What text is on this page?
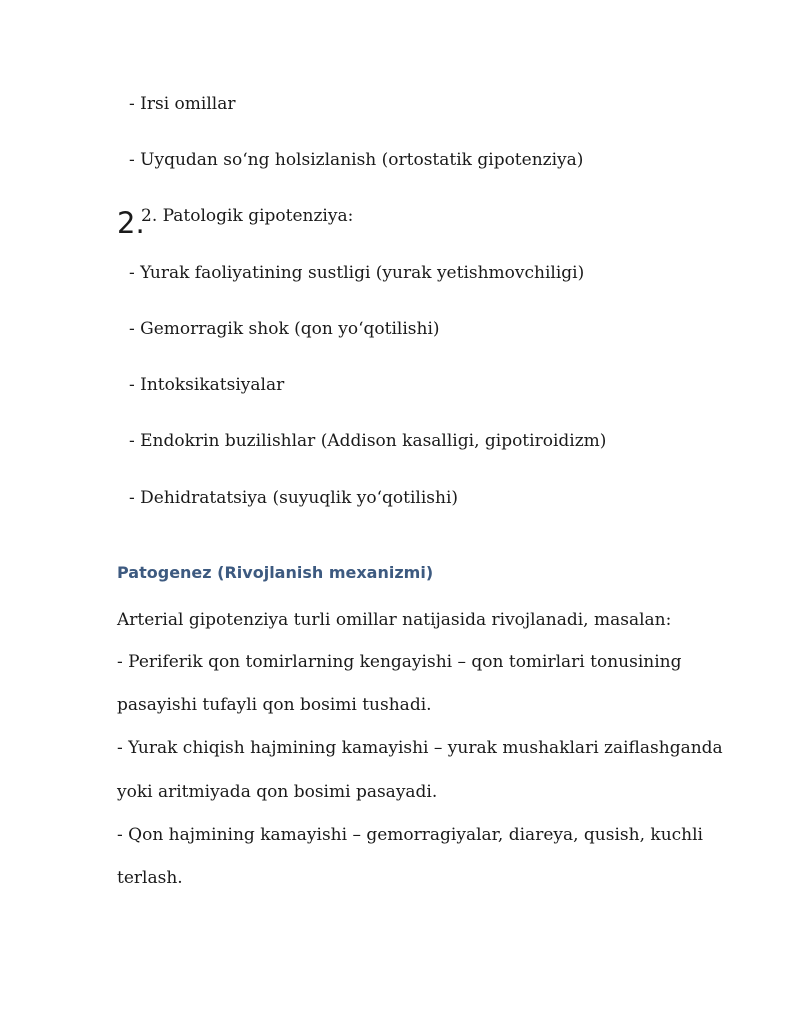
- Irsi omillar
- Uyqudan so‘ng holsizlanish (ortostatik gipotenziya)
2.
2. Patologik gipotenziya:
- Yurak faoliyatining sustligi (yurak yetishmovchiligi)
- Gemorragik shok (qon yo‘qotilishi)
- Intoksikatsiyalar
- Endokrin buzilishlar (Addison kasalligi, gipotiroidizm)
- Dehidratatsiya (suyuqlik yo‘qotilishi)
Patogenez (Rivojlanish mexanizmi)
Arterial gipotenziya turli omillar natijasida rivojlanadi, masalan:
- Periferik qon tomirlarning kengayishi – qon tomirlari tonusining
pasayishi tufayli qon bosimi tushadi.
- Yurak chiqish hajmining kamayishi – yurak mushaklari zaiflashganda
yoki aritmiyada qon bosimi pasayadi.
- Qon hajmining kamayishi – gemorragiyalar, diareya, qusish, kuchli
terlash.
